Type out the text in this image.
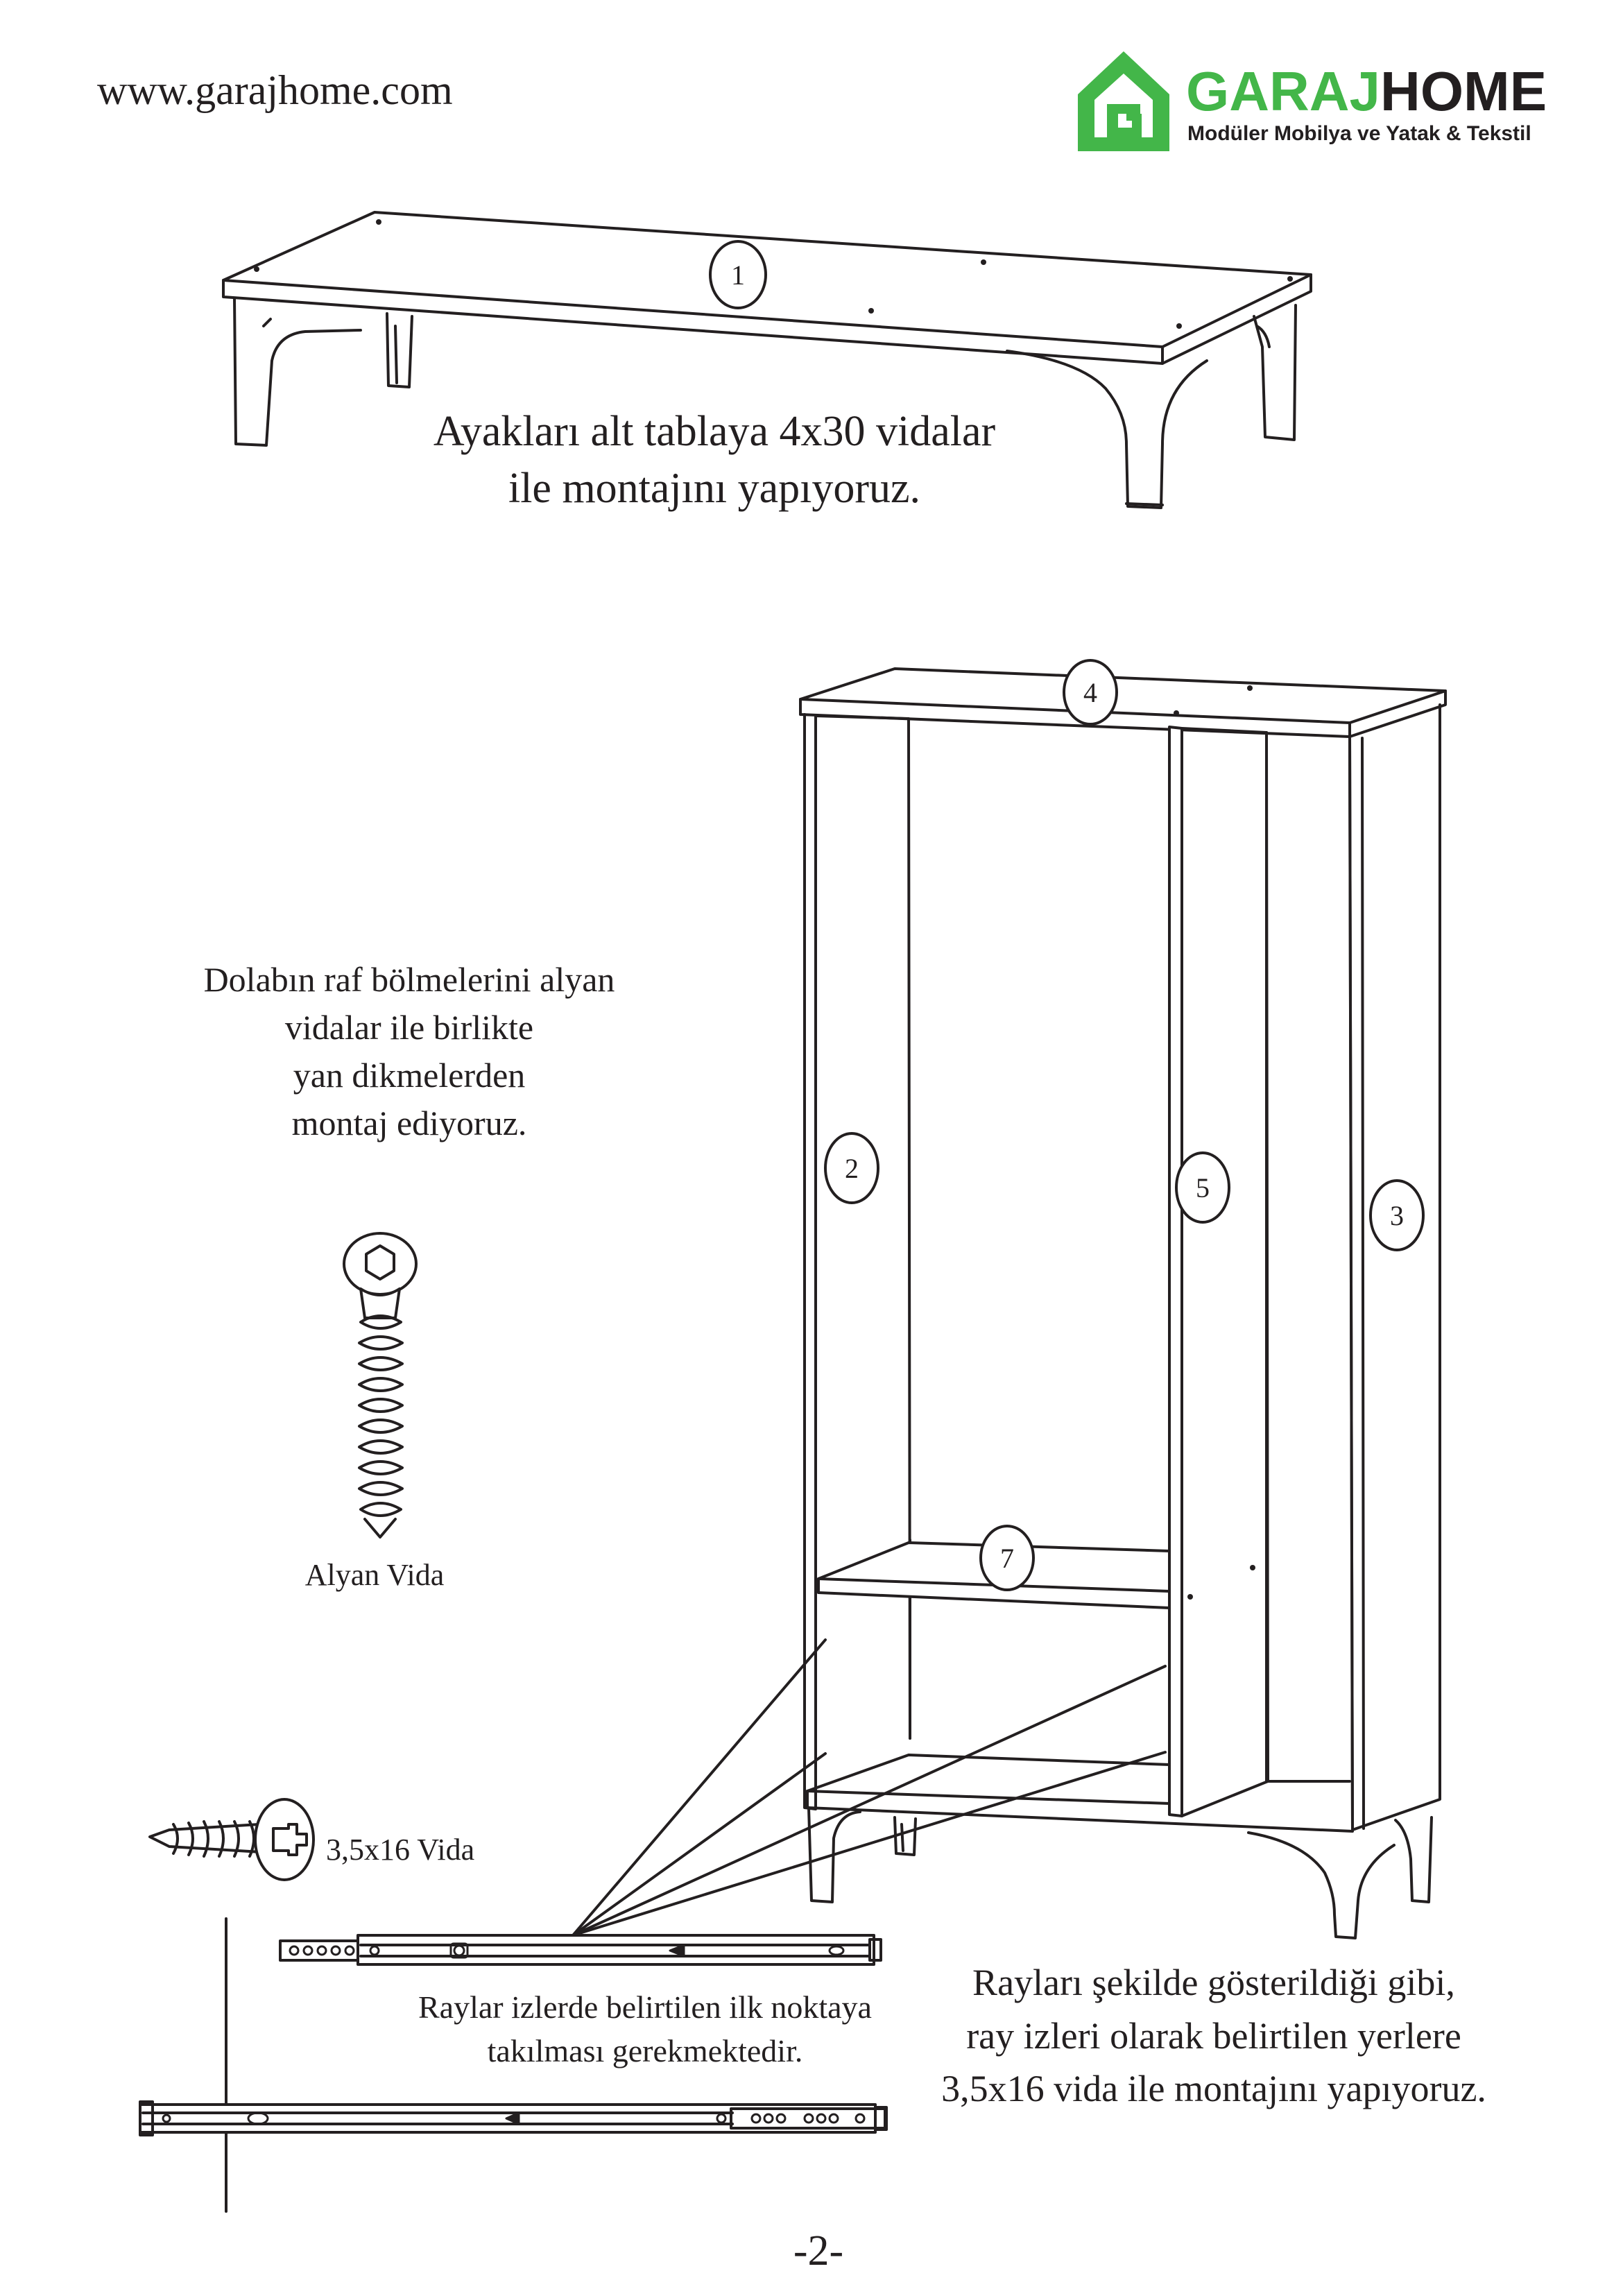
www.garajhome.com	GARAJHOME
Modüler Mobilya ve Yatak & Tekstil
1
4
2
5
3
7
Ayakları alt tablaya 4x30 vidalar
ile montajını yapıyoruz.
Dolabın raf bölmelerini alyan
vidalar ile birlikte
yan dikmelerden
montaj ediyoruz.
Alyan Vida
3,5x16 Vida
Raylar izlerde belirtilen ilk noktaya
takılması gerekmektedir.
Rayları şekilde gösterildiği gibi,
ray izleri olarak belirtilen yerlere
3,5x16 vida ile montajını yapıyoruz.
-2-
